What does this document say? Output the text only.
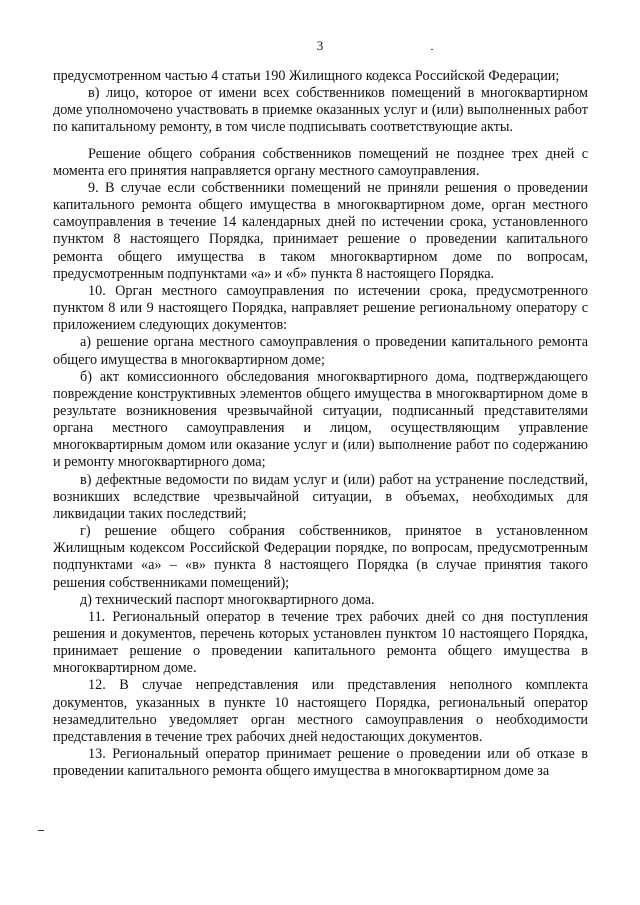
3

предусмотренном частью 4 статьи 190 Жилищного кодекса Российской Федерации;

в) лицо, которое от имени всех собственников помещений в многоквартирном доме уполномочено участвовать в приемке оказанных услуг и (или) выполненных работ по капитальному ремонту, в том числе подписывать соответствующие акты.

Решение общего собрания собственников помещений не позднее трех дней с момента его принятия направляется органу местного самоуправления.

9. В случае если собственники помещений не приняли решения о проведении капитального ремонта общего имущества в многоквартирном доме, орган местного самоуправления в течение 14 календарных дней по истечении срока, установленного пунктом 8 настоящего Порядка, принимает решение о проведении капитального ремонта общего имущества в таком многоквартирном доме по вопросам, предусмотренным подпунктами «а» и «б» пункта 8 настоящего Порядка.

10. Орган местного самоуправления по истечении срока, предусмотренного пунктом 8 или 9 настоящего Порядка, направляет решение региональному оператору с приложением следующих документов:

а) решение органа местного самоуправления о проведении капитального ремонта общего имущества в многоквартирном доме;

б) акт комиссионного обследования многоквартирного дома, подтверждающего повреждение конструктивных элементов общего имущества в многоквартирном доме в результате возникновения чрезвычайной ситуации, подписанный представителями органа местного самоуправления и лицом, осуществляющим управление многоквартирным домом или оказание услуг и (или) выполнение работ по содержанию и ремонту многоквартирного дома;

в) дефектные ведомости по видам услуг и (или) работ на устранение последствий, возникших вследствие чрезвычайной ситуации, в объемах, необходимых для ликвидации таких последствий;

г) решение общего собрания собственников, принятое в установленном Жилищным кодексом Российской Федерации порядке, по вопросам, предусмотренным подпунктами «а» – «в» пункта 8 настоящего Порядка (в случае принятия такого решения собственниками помещений);

д) технический паспорт многоквартирного дома.

11. Региональный оператор в течение трех рабочих дней со дня поступления решения и документов, перечень которых установлен пунктом 10 настоящего Порядка, принимает решение о проведении капитального ремонта общего имущества в многоквартирном доме.

12. В случае непредставления или представления неполного комплекта документов, указанных в пункте 10 настоящего Порядка, региональный оператор незамедлительно уведомляет орган местного самоуправления о необходимости представления в течение трех рабочих дней недостающих документов.

13. Региональный оператор принимает решение о проведении или об отказе в проведении капитального ремонта общего имущества в многоквартирном доме за
